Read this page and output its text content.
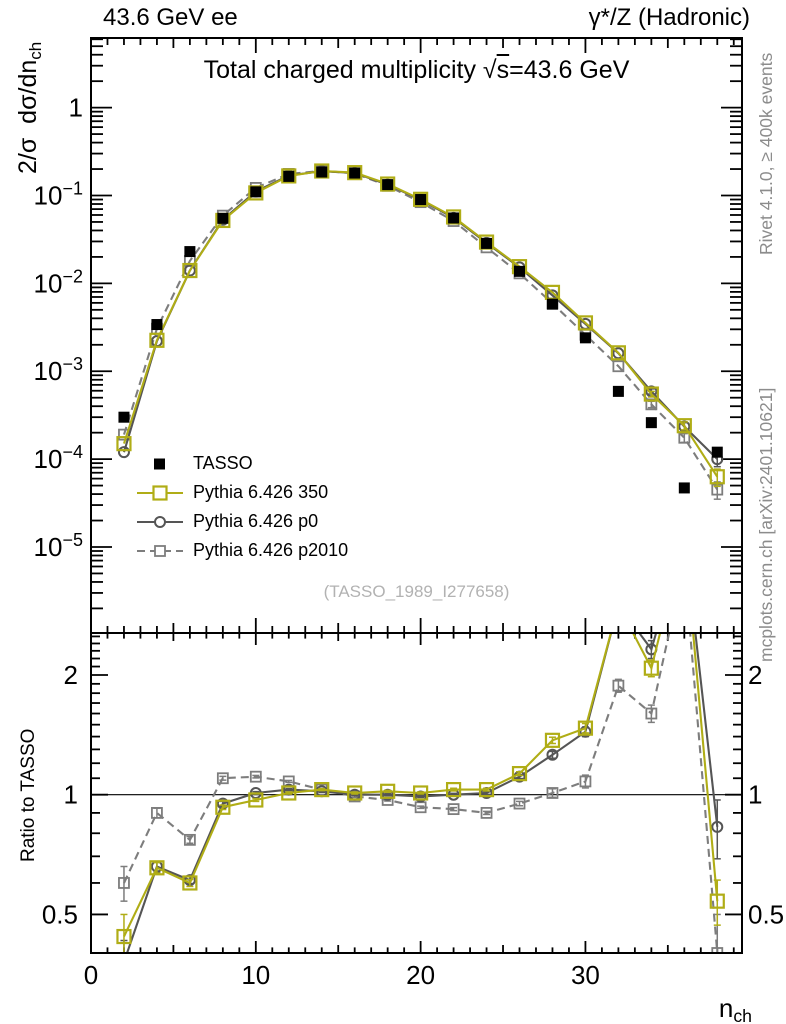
1
$10^{-1}$
$10^{-2}$
$10^{-3}$
$10^{-4}$
$10^{-5}$
0.5	0.5
1	1
2	2
0	10	20	30
43.6 GeV ee	γ*/Z (Hadronic)
Total charged multiplicity √s=43.6 GeV
2/σ  dσ/dnch
Ratio to TASSO
nch
Rivet 4.1.0, ≥ 400k events
mcplots.cern.ch [arXiv:2401.10621]
(TASSO_1989_I277658)
TASSO
Pythia 6.426 350
Pythia 6.426 p0
Pythia 6.426 p2010
